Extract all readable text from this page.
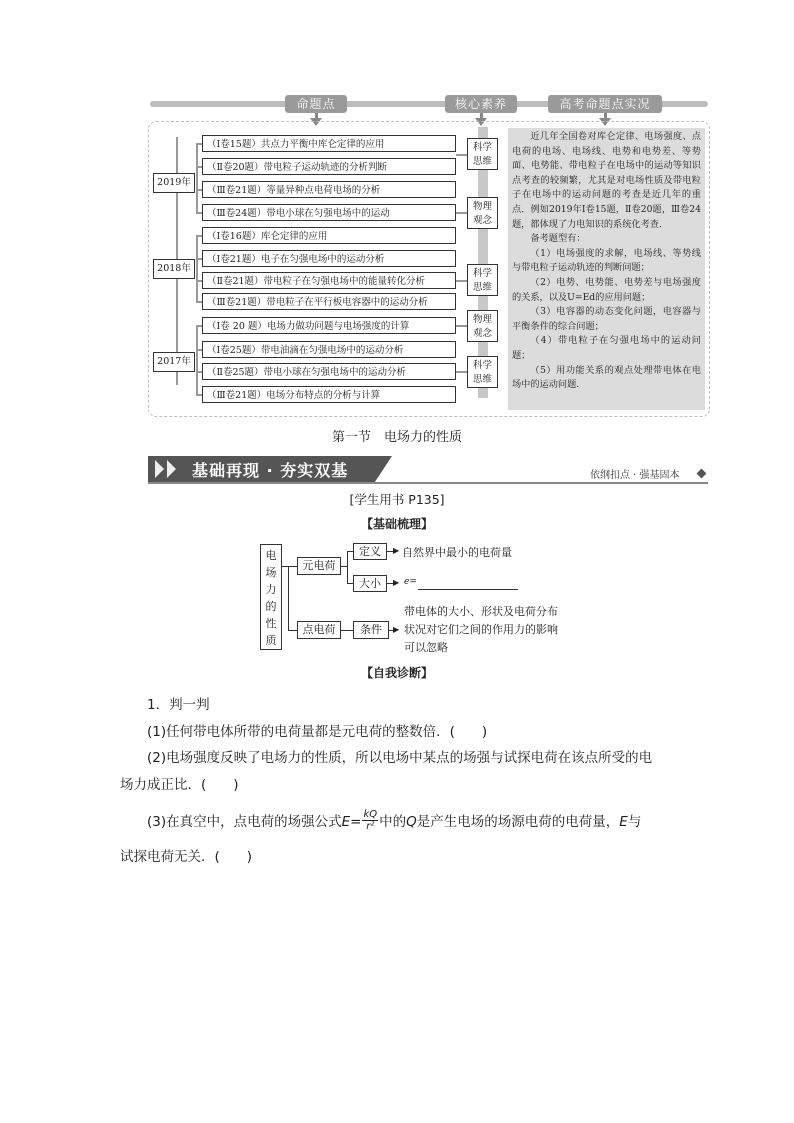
命题点	核心素养	高考命题点实况
2019年
2018年
2017年
（Ⅰ卷15题）共点力平衡中库仑定律的应用
（Ⅱ卷20题）带电粒子运动轨迹的分析判断
（Ⅲ卷21题）等量异种点电荷电场的分析
（Ⅲ卷24题）带电小球在匀强电场中的运动
（Ⅰ卷16题）库仑定律的应用
（Ⅰ卷21题）电子在匀强电场中的运动分析
（Ⅱ卷21题）带电粒子在匀强电场中的能量转化分析
（Ⅲ卷21题）带电粒子在平行板电容器中的运动分析
（Ⅰ卷 20 题）电场力做功问题与电场强度的计算
（Ⅰ卷25题）带电油滴在匀强电场中的运动分析
（Ⅱ卷25题）带电小球在匀强电场中的运动分析
（Ⅲ卷21题）电场分布特点的分析与计算
科学
思维
物理
观念
科学
思维
物理
观念
科学
思维

近几年全国卷对库仑定律、电场强度、点电荷的电场、电场线、电势和电势差、等势面、电势能、带电粒子在电场中的运动等知识点考查的较频繁，尤其是对电场性质及带电粒子在电场中的运动问题的考查是近几年的重点．例如2019年Ⅰ卷15题，Ⅱ卷20题，Ⅲ卷24题，都体现了力电知识的系统化考查．

备考题型有：

（1）电场强度的求解，电场线、等势线与带电粒子运动轨迹的判断问题；

（2）电势、电势能、电势差与电场强度的关系，以及U=Ed的应用问题；

（3）电容器的动态变化问题，电容器与平衡条件的综合问题；

（4）带电粒子在匀强电场中的运动问题；

（5）用功能关系的观点处理带电体在电场中的运动问题.

第一节　电场力的性质
基础再现 · 夯实双基	依纲扣点 · 强基固本
[学生用书 P135]
【基础梳理】
电
场
力
的
性
质
元电荷
点电荷
定义	▶ 自然界中最小的电荷量
大小	▶ e=
条件	▶
带电体的大小、形状及电荷分布
状况对它们之间的作用力的影响
可以忽略
【自我诊断】
1．判一判
(1)任何带电体所带的电荷量都是元电荷的整数倍．(　　)
(2)电场强度反映了电场力的性质，所以电场中某点的场强与试探电荷在该点所受的电
场力成正比．(　　)
(3)在真空中，点电荷的场强公式$E= \frac{kQ}{\text{r²}}$ 中的Q是产生电场的场源电荷的电荷量，E与
试探电荷无关．(　　)
